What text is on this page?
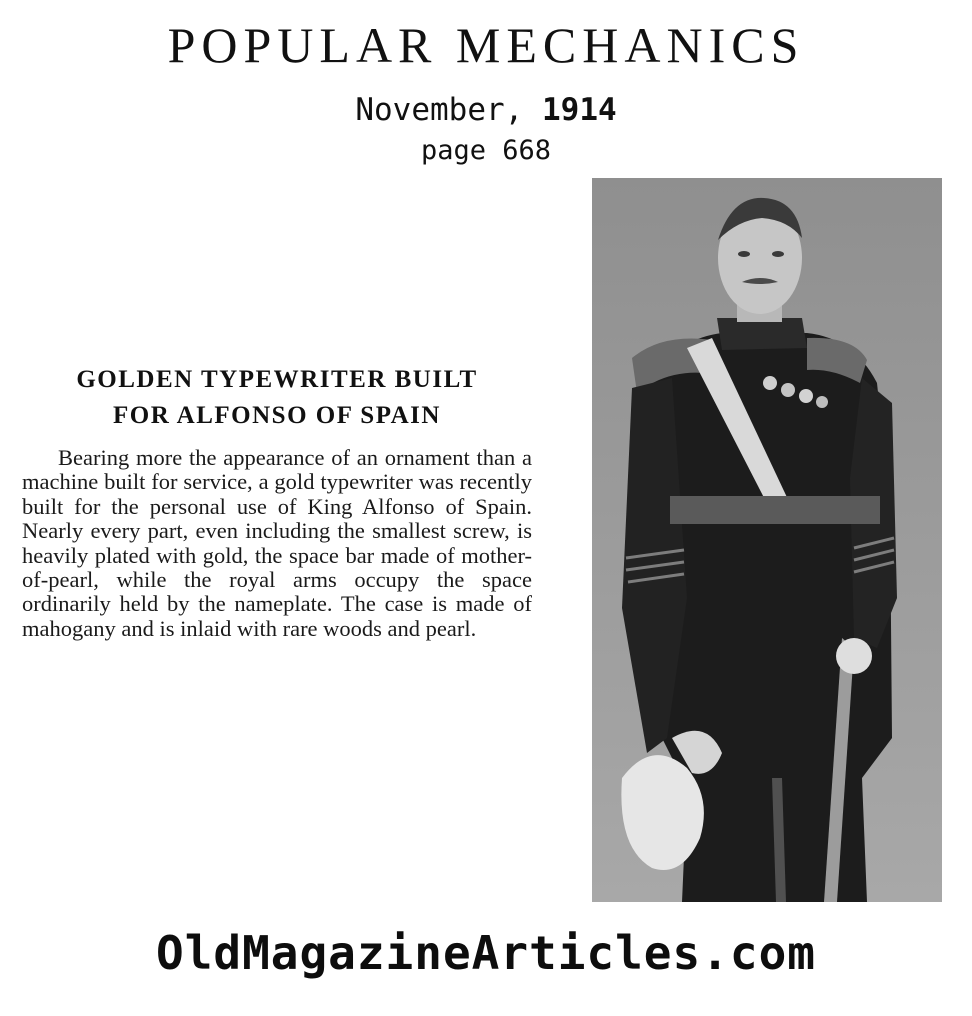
POPULAR MECHANICS
November, 1914
page 668
GOLDEN TYPEWRITER BUILT
FOR ALFONSO OF SPAIN

Bearing more the appearance of an ornament than a machine built for service, a gold typewriter was recently built for the personal use of King Alfonso of Spain. Nearly every part, even including the smallest screw, is heavily plated with gold, the space bar made of mother-of-pearl, while the royal arms occupy the space ordinarily held by the nameplate. The case is made of mahogany and is inlaid with rare woods and pearl.

OldMagazineArticles.com
